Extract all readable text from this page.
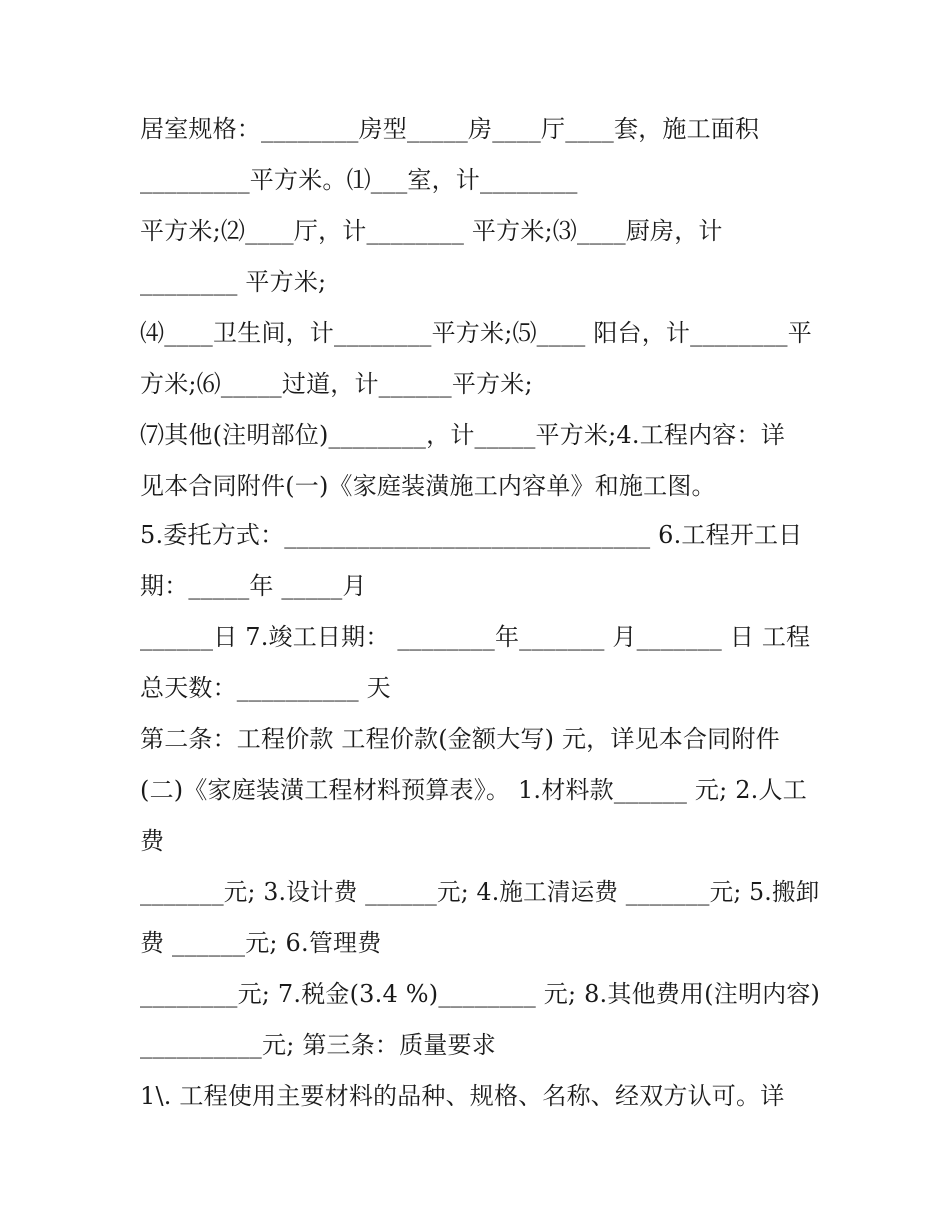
居室规格：________房型_____房____厅____套，施工面积
_________平方米。⑴___室，计________
平方米;⑵____厅，计________ 平方米;⑶____厨房，计
________ 平方米;
⑷____卫生间，计________平方米;⑸____ 阳台，计________平
方米;⑹_____过道，计______平方米;
⑺其他(注明部位)________，计_____平方米;4.工程内容：详
见本合同附件(一)《家庭装潢施工内容单》和施工图。
5.委托方式：______________________________ 6.工程开工日
期：_____年 _____月
______日 7.竣工日期： ________年_______ 月_______ 日 工程
总天数：__________ 天
第二条：工程价款 工程价款(金额大写) 元，详见本合同附件
(二)《家庭装潢工程材料预算表》。 1.材料款______ 元; 2.人工
费
_______元; 3.设计费 ______元; 4.施工清运费 _______元; 5.搬卸
费 ______元; 6.管理费
________元; 7.税金(3.4 %)________ 元; 8.其他费用(注明内容)
__________元; 第三条：质量要求
1\. 工程使用主要材料的品种、规格、名称、经双方认可。详
